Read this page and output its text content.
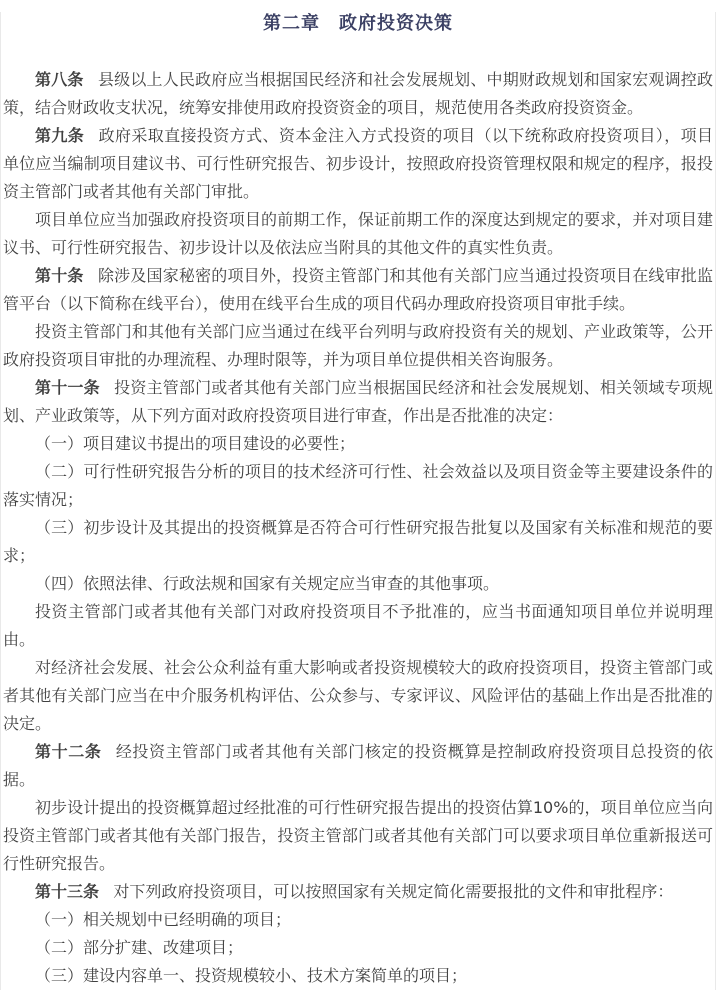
第二章　政府投资决策

第八条 县级以上人民政府应当根据国民经济和社会发展规划、中期财政规划和国家宏观调控政策，结合财政收支状况，统筹安排使用政府投资资金的项目，规范使用各类政府投资资金。

第九条 政府采取直接投资方式、资本金注入方式投资的项目（以下统称政府投资项目），项目单位应当编制项目建议书、可行性研究报告、初步设计，按照政府投资管理权限和规定的程序，报投资主管部门或者其他有关部门审批。

项目单位应当加强政府投资项目的前期工作，保证前期工作的深度达到规定的要求，并对项目建议书、可行性研究报告、初步设计以及依法应当附具的其他文件的真实性负责。

第十条 除涉及国家秘密的项目外，投资主管部门和其他有关部门应当通过投资项目在线审批监管平台（以下简称在线平台），使用在线平台生成的项目代码办理政府投资项目审批手续。

投资主管部门和其他有关部门应当通过在线平台列明与政府投资有关的规划、产业政策等，公开政府投资项目审批的办理流程、办理时限等，并为项目单位提供相关咨询服务。

第十一条 投资主管部门或者其他有关部门应当根据国民经济和社会发展规划、相关领域专项规划、产业政策等，从下列方面对政府投资项目进行审查，作出是否批准的决定：

（一）项目建议书提出的项目建设的必要性；

（二）可行性研究报告分析的项目的技术经济可行性、社会效益以及项目资金等主要建设条件的落实情况；

（三）初步设计及其提出的投资概算是否符合可行性研究报告批复以及国家有关标准和规范的要求；

（四）依照法律、行政法规和国家有关规定应当审查的其他事项。

投资主管部门或者其他有关部门对政府投资项目不予批准的，应当书面通知项目单位并说明理由。

对经济社会发展、社会公众利益有重大影响或者投资规模较大的政府投资项目，投资主管部门或者其他有关部门应当在中介服务机构评估、公众参与、专家评议、风险评估的基础上作出是否批准的决定。

第十二条 经投资主管部门或者其他有关部门核定的投资概算是控制政府投资项目总投资的依据。

初步设计提出的投资概算超过经批准的可行性研究报告提出的投资估算10%的，项目单位应当向投资主管部门或者其他有关部门报告，投资主管部门或者其他有关部门可以要求项目单位重新报送可行性研究报告。

第十三条 对下列政府投资项目，可以按照国家有关规定简化需要报批的文件和审批程序：

（一）相关规划中已经明确的项目；

（二）部分扩建、改建项目；

（三）建设内容单一、投资规模较小、技术方案简单的项目；
